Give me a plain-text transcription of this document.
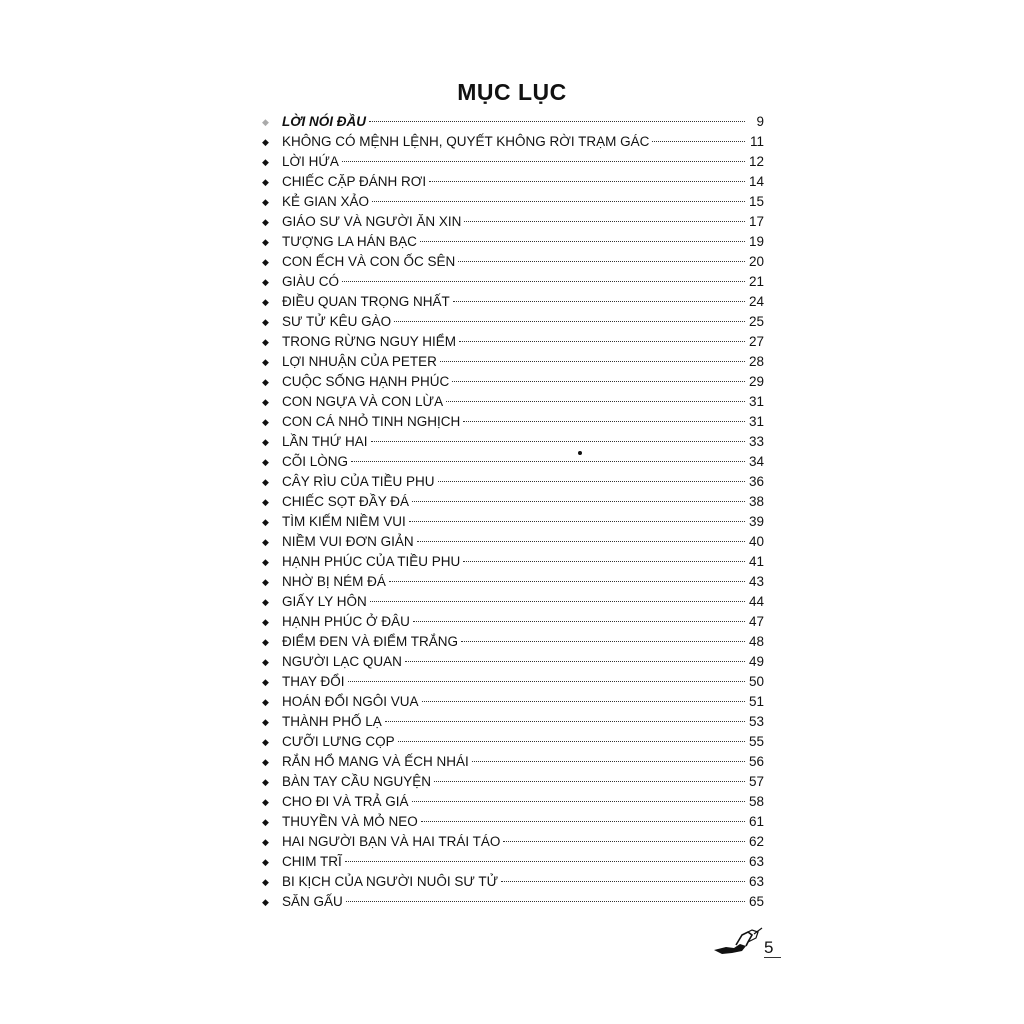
MỤC LỤC
◆ LỜI NÓI ĐẦU	9
◆ KHÔNG CÓ MỆNH LỆNH, QUYẾT KHÔNG RỜI TRẠM GÁC	11
◆ LỜI HỨA	12
◆ CHIẾC CẶP ĐÁNH RƠI	14
◆ KẺ GIAN XẢO	15
◆ GIÁO SƯ VÀ NGƯỜI ĂN XIN	17
◆ TƯỢNG LA HÁN BẠC	19
◆ CON ẾCH VÀ CON ỐC SÊN	20
◆ GIÀU CÓ	21
◆ ĐIỀU QUAN TRỌNG NHẤT	24
◆ SƯ TỬ KÊU GÀO	25
◆ TRONG RỪNG NGUY HIỂM	27
◆ LỢI NHUẬN CỦA PETER	28
◆ CUỘC SỐNG HẠNH PHÚC	29
◆ CON NGỰA VÀ CON LỪA	31
◆ CON CÁ NHỎ TINH NGHỊCH	31
◆ LẦN THỨ HAI	33
◆ CÕI LÒNG	34
◆ CÂY RÌU CỦA TIỀU PHU	36
◆ CHIẾC SỌT ĐẦY ĐÁ	38
◆ TÌM KIẾM NIỀM VUI	39
◆ NIỀM VUI ĐƠN GIẢN	40
◆ HẠNH PHÚC CỦA TIỀU PHU	41
◆ NHỜ BỊ NÉM ĐÁ	43
◆ GIẤY LY HÔN	44
◆ HẠNH PHÚC Ở ĐÂU	47
◆ ĐIỂM ĐEN VÀ ĐIỂM TRẮNG	48
◆ NGƯỜI LẠC QUAN	49
◆ THAY ĐỔI	50
◆ HOÁN ĐỔI NGÔI VUA	51
◆ THÀNH PHỐ LẠ	53
◆ CƯỠI LƯNG CỌP	55
◆ RẮN HỔ MANG VÀ ẾCH NHÁI	56
◆ BÀN TAY CẦU NGUYỆN	57
◆ CHO ĐI VÀ TRẢ GIÁ	58
◆ THUYỀN VÀ MỎ NEO	61
◆ HAI NGƯỜI BẠN VÀ HAI TRÁI TÁO	62
◆ CHIM TRĨ	63
◆ BI KỊCH CỦA NGƯỜI NUÔI SƯ TỬ	63
◆ SĂN GẤU	65
5
